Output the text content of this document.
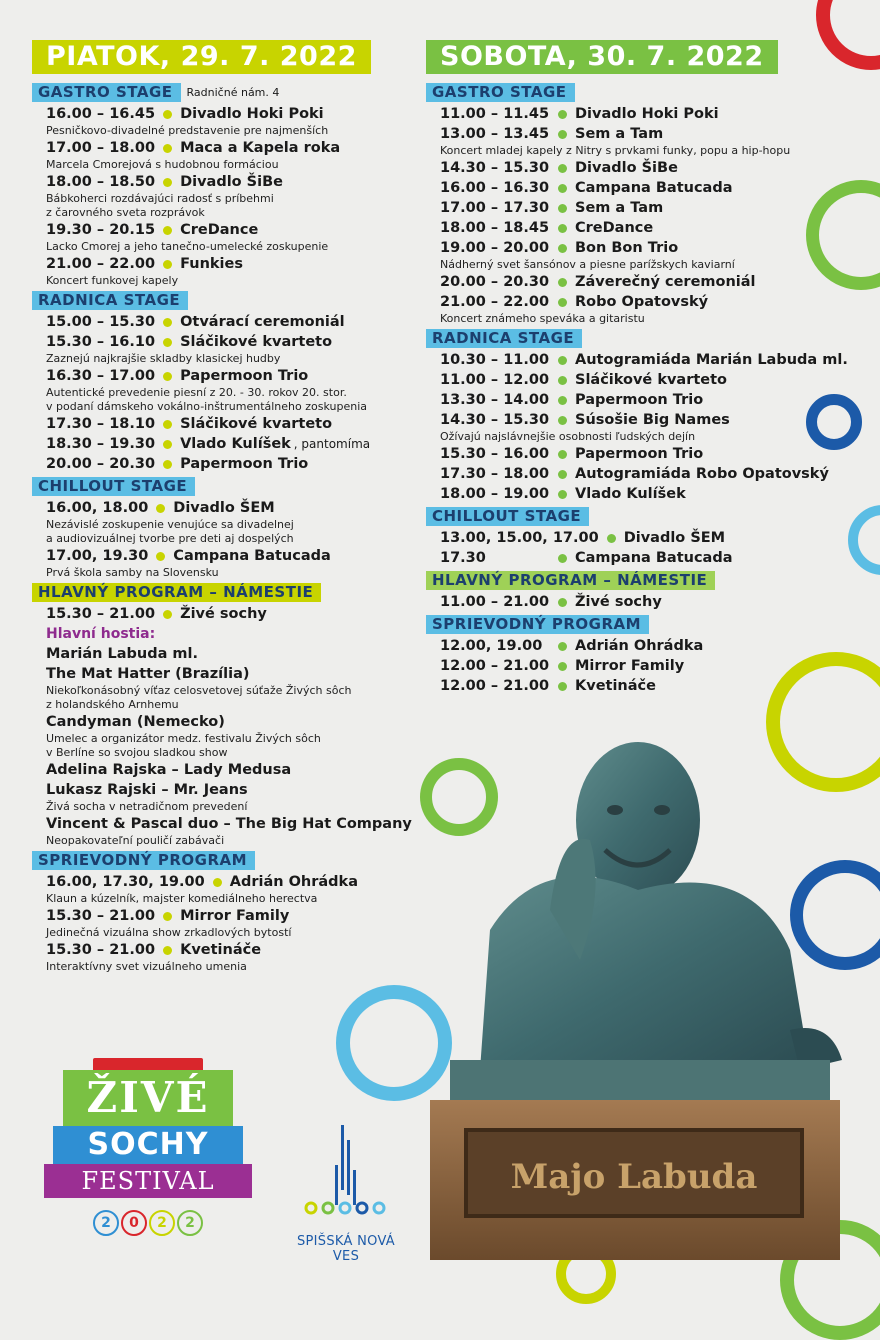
PIATOK, 29. 7. 2022
GASTRO STAGE	Radničné nám. 4
16.00 – 16.45 Divadlo Hoki Poki
Pesničkovo-divadelné predstavenie pre najmenších
17.00 – 18.00 Maca a Kapela roka
Marcela Cmorejová s hudobnou formáciou
18.00 – 18.50 Divadlo ŠiBe
Bábkoherci rozdávajúci radosť s príbehmi
z čarovného sveta rozprávok
19.30 – 20.15 CreDance
Lacko Cmorej a jeho tanečno-umelecké zoskupenie
21.00 – 22.00 Funkies
Koncert funkovej kapely
RADNICA STAGE
15.00 – 15.30 Otvárací ceremoniál
15.30 – 16.10 Sláčikové kvarteto
Zaznejú najkrajšie skladby klasickej hudby
16.30 – 17.00 Papermoon Trio
Autentické prevedenie piesní z 20. - 30. rokov 20. stor.
v podaní dámskeho vokálno-inštrumentálneho zoskupenia
17.30 – 18.10 Sláčikové kvarteto
18.30 – 19.30 Vlado Kulíšek , pantomíma
20.00 – 20.30 Papermoon Trio
CHILLOUT STAGE
16.00, 18.00 Divadlo ŠEM
Nezávislé zoskupenie venujúce sa divadelnej
a audiovizuálnej tvorbe pre deti aj dospelých
17.00, 19.30 Campana Batucada
Prvá škola samby na Slovensku
HLAVNÝ PROGRAM – NÁMESTIE
15.30 – 21.00 Živé sochy
Hlavní hostia:
Marián Labuda ml.
The Mat Hatter (Brazília)
Niekoľkonásobný víťaz celosvetovej súťaže Živých sôch
z holandského Arnhemu
Candyman (Nemecko)
Umelec a organizátor medz. festivalu Živých sôch
v Berlíne so svojou sladkou show
Adelina Rajska – Lady Medusa
Lukasz Rajski – Mr. Jeans
Živá socha v netradičnom prevedení
Vincent & Pascal duo – The Big Hat Company
Neopakovateľní pouličí zabávači
SPRIEVODNÝ PROGRAM
16.00, 17.30, 19.00 Adrián Ohrádka
Klaun a kúzelník, majster komediálneho herectva
15.30 – 21.00 Mirror Family
Jedinečná vizuálna show zrkadlových bytostí
15.30 – 21.00 Kvetináče
Interaktívny svet vizuálneho umenia
SOBOTA, 30. 7. 2022
GASTRO STAGE
11.00 – 11.45 Divadlo Hoki Poki
13.00 – 13.45 Sem a Tam
Koncert mladej kapely z Nitry s prvkami funky, popu a hip-hopu
14.30 – 15.30 Divadlo ŠiBe
16.00 – 16.30 Campana Batucada
17.00 – 17.30 Sem a Tam
18.00 – 18.45 CreDance
19.00 – 20.00 Bon Bon Trio
Nádherný svet šansónov a piesne parížskych kaviarní
20.00 – 20.30 Záverečný ceremoniál
21.00 – 22.00 Robo Opatovský
Koncert známeho speváka a gitaristu
RADNICA STAGE
10.30 – 11.00 Autogramiáda Marián Labuda ml.
11.00 – 12.00 Sláčikové kvarteto
13.30 – 14.00 Papermoon Trio
14.30 – 15.30 Súsošie Big Names
Ožívajú najslávnejšie osobnosti ľudských dejín
15.30 – 16.00 Papermoon Trio
17.30 – 18.00 Autogramiáda Robo Opatovský
18.00 – 19.00 Vlado Kulíšek
CHILLOUT STAGE
13.00, 15.00, 17.00 Divadlo ŠEM
17.30	Campana Batucada
HLAVNÝ PROGRAM – NÁMESTIE
11.00 – 21.00 Živé sochy
SPRIEVODNÝ PROGRAM
12.00, 19.00	Adrián Ohrádka
12.00 – 21.00 Mirror Family
12.00 – 21.00 Kvetináče
ŽIVÉ
SOCHY
FESTIVAL
2 0 2 2
SPIŠSKÁ NOVÁ VES
Majo Labuda
